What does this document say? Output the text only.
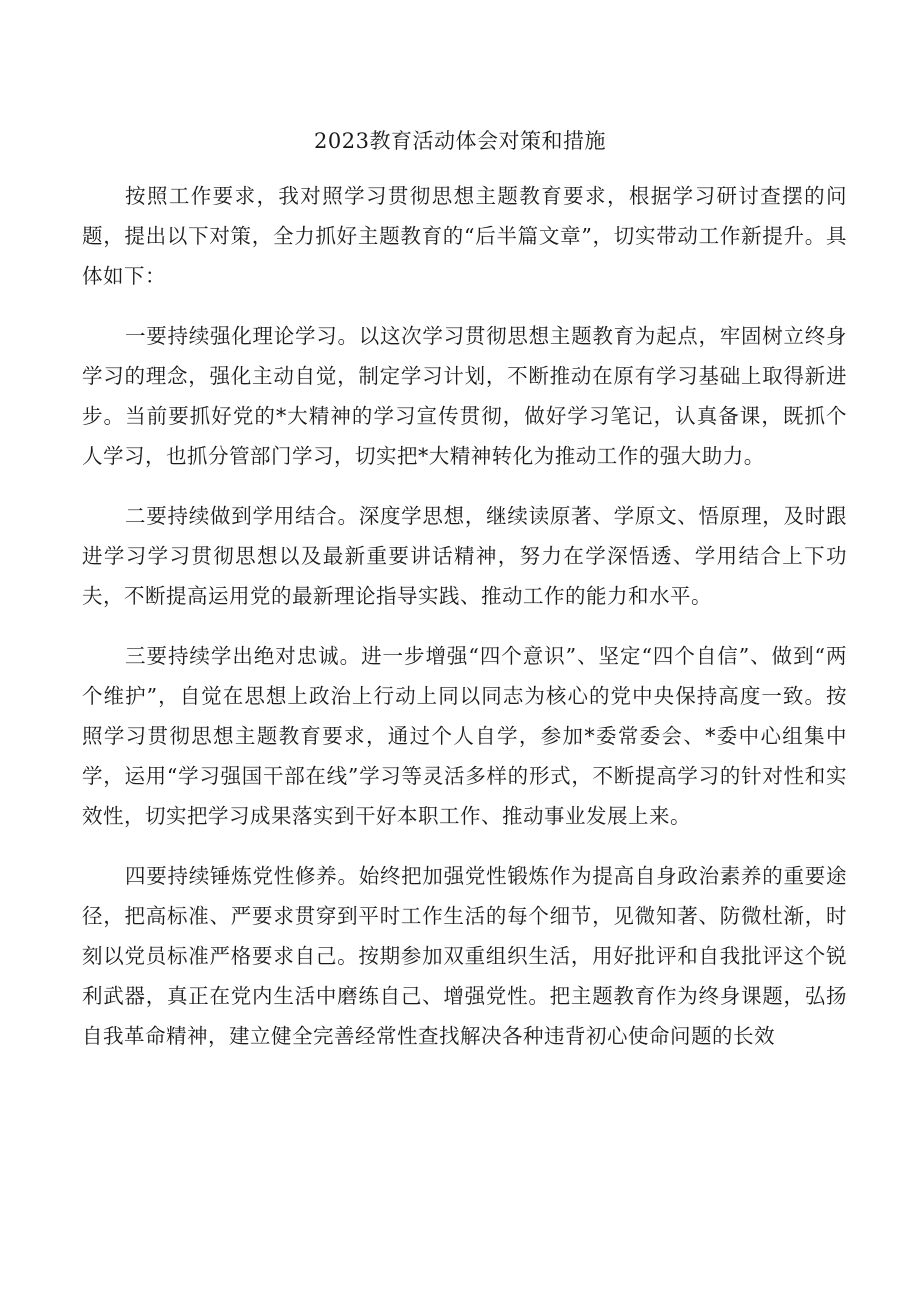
2023教育活动体会对策和措施

按照工作要求，我对照学习贯彻思想主题教育要求，根据学习研讨查摆的问题，提出以下对策，全力抓好主题教育的“后半篇文章”，切实带动工作新提升。具体如下：

一要持续强化理论学习。以这次学习贯彻思想主题教育为起点，牢固树立终身学习的理念，强化主动自觉，制定学习计划，不断推动在原有学习基础上取得新进步。当前要抓好党的*大精神的学习宣传贯彻，做好学习笔记，认真备课，既抓个人学习，也抓分管部门学习，切实把*大精神转化为推动工作的强大助力。

二要持续做到学用结合。深度学思想，继续读原著、学原文、悟原理，及时跟进学习学习贯彻思想以及最新重要讲话精神，努力在学深悟透、学用结合上下功夫，不断提高运用党的最新理论指导实践、推动工作的能力和水平。

三要持续学出绝对忠诚。进一步增强“四个意识”、坚定“四个自信”、做到“两个维护”，自觉在思想上政治上行动上同以同志为核心的党中央保持高度一致。按照学习贯彻思想主题教育要求，通过个人自学，参加*委常委会、*委中心组集中学，运用“学习强国干部在线”学习等灵活多样的形式，不断提高学习的针对性和实效性，切实把学习成果落实到干好本职工作、推动事业发展上来。

四要持续锤炼党性修养。始终把加强党性锻炼作为提高自身政治素养的重要途径，把高标准、严要求贯穿到平时工作生活的每个细节，见微知著、防微杜渐，时刻以党员标准严格要求自己。按期参加双重组织生活，用好批评和自我批评这个锐利武器，真正在党内生活中磨练自己、增强党性。把主题教育作为终身课题，弘扬自我革命精神，建立健全完善经常性查找解决各种违背初心使命问题的长效
